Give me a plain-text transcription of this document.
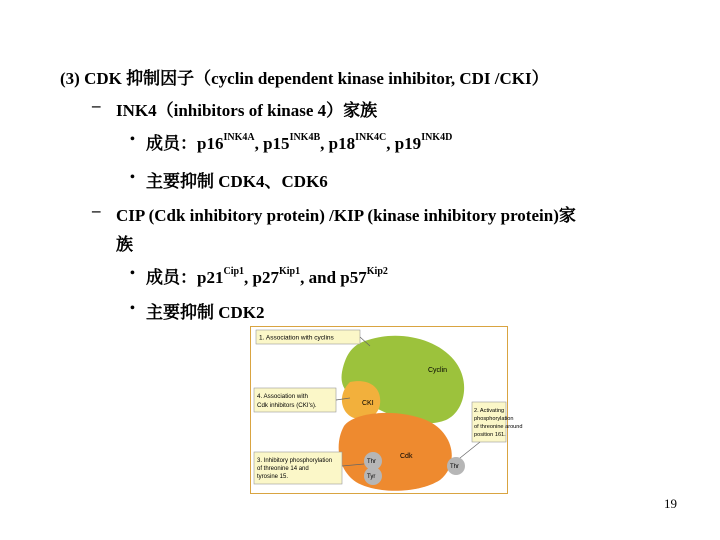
(3) CDK 抑制因子（cyclin dependent kinase inhibitor, CDI /CKI）
– INK4（inhibitors of kinase 4）家族
• 成员：$p16^{INK4A}$, $p15^{INK4B}$, $p18^{INK4C}$, $p19^{INK4D}$
• 主要抑制 CDK4、CDK6
– CIP (Cdk inhibitory protein) /KIP (kinase inhibitory protein)家
族
• 成员：$p21^{Cip1}$, $p27^{Kip1}$, and $p57^{Kip2}$
• 主要抑制 CDK2
Cyclin
CKI
Cdk
Thr
Tyr
Thr
1. Association with cyclins
4. Association with
Cdk inhibitors (CKI's).
2. Activating
phosphorylation
of threonine around
position 161.
3. Inhibitory phosphorylation
of threonine 14 and
tyrosine 15.
19
